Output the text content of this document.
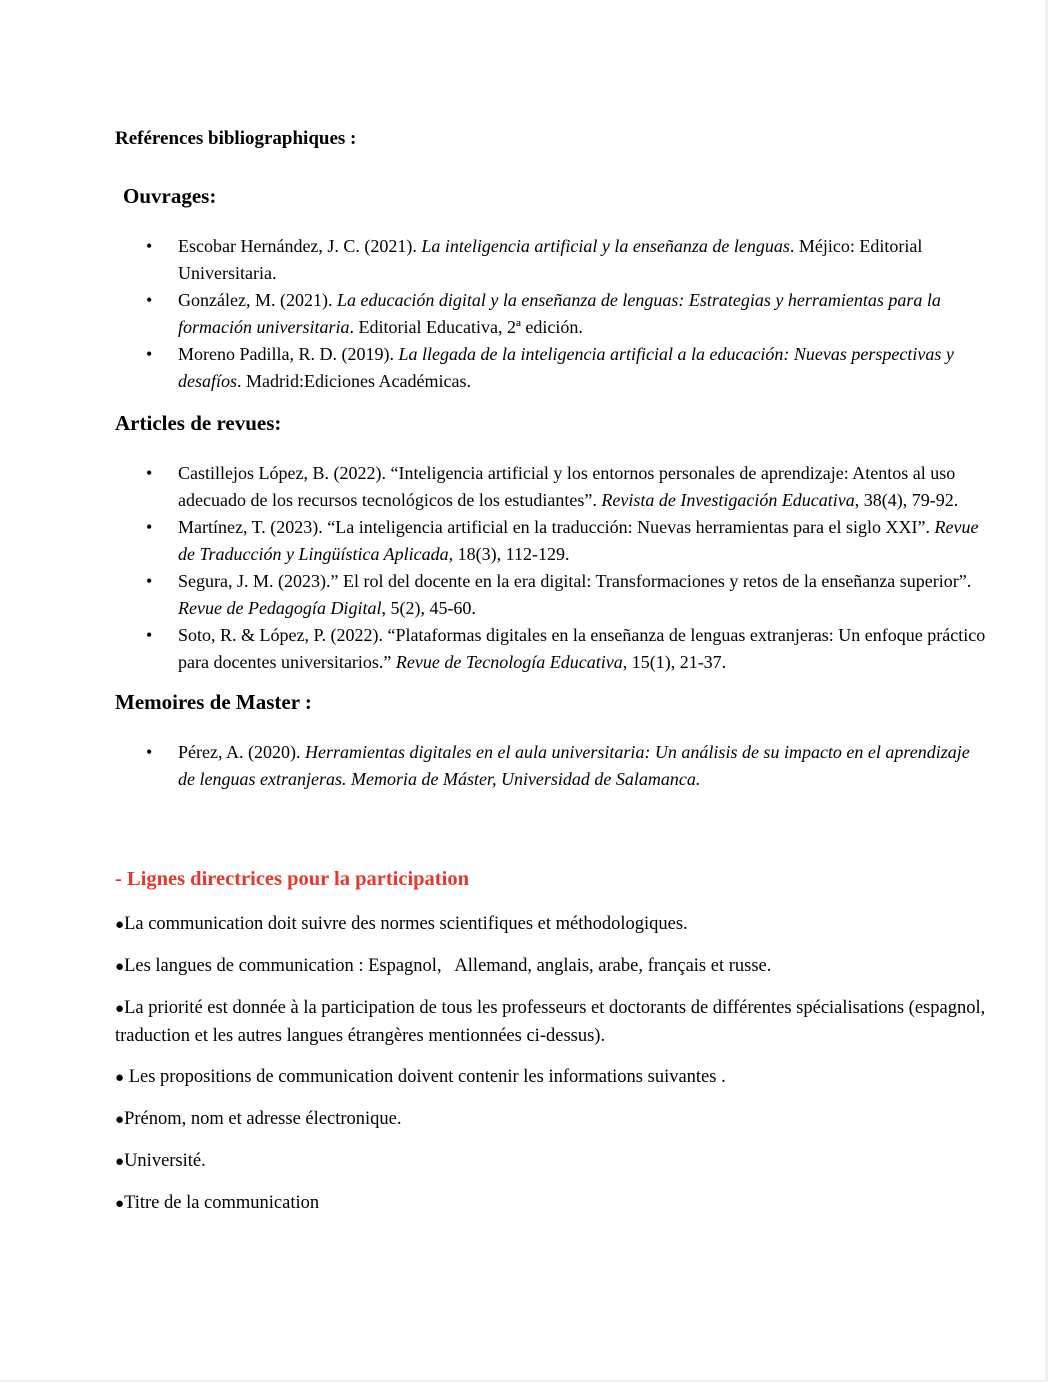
Reférences bibliographiques :
Ouvrages:
• Escobar Hernández, J. C. (2021). La inteligencia artificial y la enseñanza de lenguas. Méjico: Editorial Universitaria.
• González, M. (2021). La educación digital y la enseñanza de lenguas: Estrategias y herramientas para la formación universitaria. Editorial Educativa, 2ª edición.
• Moreno Padilla, R. D. (2019). La llegada de la inteligencia artificial a la educación: Nuevas perspectivas y desafíos. Madrid:Ediciones Académicas.
Articles de revues:
• Castillejos López, B. (2022). “Inteligencia artificial y los entornos personales de aprendizaje: Atentos al uso adecuado de los recursos tecnológicos de los estudiantes”. Revista de Investigación Educativa, 38(4), 79-92.
• Martínez, T. (2023). “La inteligencia artificial en la traducción: Nuevas herramientas para el siglo XXI”. Revue de Traducción y Lingüística Aplicada, 18(3), 112-129.
• Segura, J. M. (2023).” El rol del docente en la era digital: Transformaciones y retos de la enseñanza superior”. Revue de Pedagogía Digital, 5(2), 45-60.
• Soto, R. & López, P. (2022). “Plataformas digitales en la enseñanza de lenguas extranjeras: Un enfoque práctico para docentes universitarios.” Revue de Tecnología Educativa, 15(1), 21-37.
Memoires de Master :
• Pérez, A. (2020). Herramientas digitales en el aula universitaria: Un análisis de su impacto en el aprendizaje de lenguas extranjeras. Memoria de Máster, Universidad de Salamanca.
- Lignes directrices pour la participation

●La communication doit suivre des normes scientifiques et méthodologiques.

●Les langues de communication : Espagnol,   Allemand, anglais, arabe, français et russe.

●La priorité est donnée à la participation de tous les professeurs et doctorants de différentes spécialisations (espagnol, traduction et les autres langues étrangères mentionnées ci-dessus).

● Les propositions de communication doivent contenir les informations suivantes .

●Prénom, nom et adresse électronique.

●Université.

●Titre de la communication
